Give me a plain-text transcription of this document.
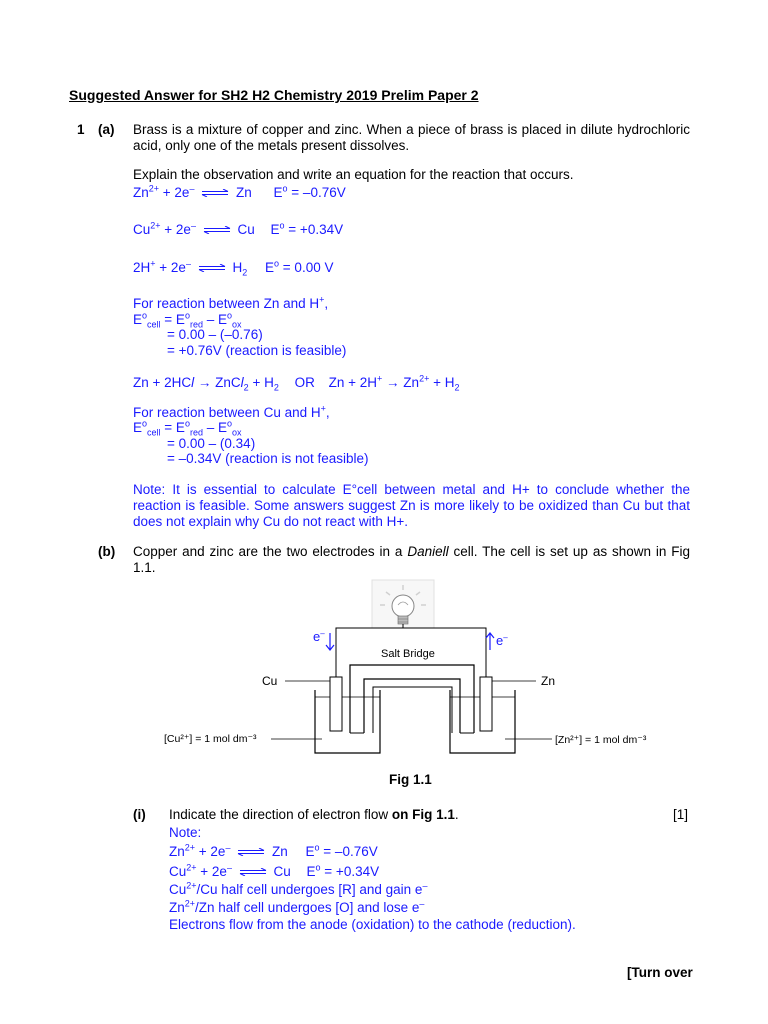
Suggested Answer for SH2 H2 Chemistry 2019 Prelim Paper 2
1 (a) Brass is a mixture of copper and zinc. When a piece of brass is placed in dilute hydrochloric acid, only one of the metals present dissolves.
Explain the observation and write an equation for the reaction that occurs.
$Zn^{2+} + 2e^-$	Zn $E^o = -0.76V$
$Cu^{2+} + 2e^-$	Cu $E^o = +0.34V$
2H+ + 2e–	$H_2$ $E^o = 0.00$ V
For reaction between Zn and H+,
$E^o_{cell} = E^o_{red} - E^o_{ox}$
= 0.00 – (–0.76)
= +0.76V (reaction is feasible)
Zn + 2HCl → ZnCl$_2$ + $H_2$ OR $Zn + 2H^+ \to Zn^{2+} + H_2$
For reaction between Cu and H+,
$E^o_{cell} = E^o_{red} - E^o_{ox}$
= 0.00 – (0.34)
= –0.34V (reaction is not feasible)
Note: It is essential to calculate E°cell between metal and H+ to conclude whether the reaction is feasible. Some answers suggest Zn is more likely to be oxidized than Cu but that does not explain why Cu do not react with H+.
(b) Copper and zinc are the two electrodes in a Daniell cell. The cell is set up as shown in Fig 1.1.
e–	e–
Salt Bridge
Cu	Zn
[Cu²⁺] = 1 mol dm⁻³	[Zn²⁺] = 1 mol dm⁻³
Fig 1.1
(i) Indicate the direction of electron flow on Fig 1.1.	[1]
Note:
$Zn^{2+} + 2e^-$	Zn $E^o = -0.76V$
$Cu^{2+} + 2e^-$	Cu $E^o = +0.34V$
$Cu^{2+}/Cu$ half cell undergoes [R] and gain e–
$Zn^{2+}/Zn$ half cell undergoes [O] and lose e–
Electrons flow from the anode (oxidation) to the cathode (reduction).
[Turn over
